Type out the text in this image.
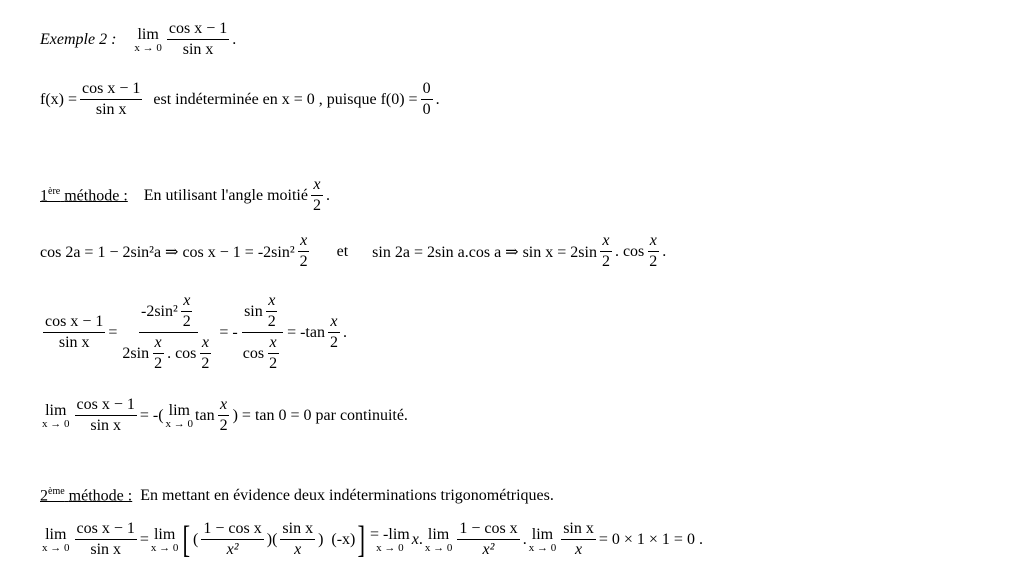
Exemple 2 : lim
$x \to 0 \frac{\text{cos x − 1}}{\text{sin x}}$ .
$f(x) = \frac{\text{cos x − 1}}{\text{sin x}}$ est indéterminée en x = 0 , puisque $f(0) = \frac{0}{0}$ .
1ère méthode : En utilisant l'angle moitié $\frac{x}{2}$ .
cos 2a = 1 − 2sin²a ⇒ $\cos x - 1 = -2\sin^2 \frac{x}{2}$ et sin 2a = 2sin a.cos a ⇒ $\sin x = 2\sin \frac{x}{2}$ . $\cos \frac{x}{2}$ .
$\frac{\text{cos x − 1}}{\text{sin x}} = \frac{-2\sin^2 \frac{x}{2}}{2\sin \frac{x}{2} . \cos \frac{x}{2}}$ = - $\frac{\sin \frac{x}{2}}{\cos \frac{x}{2}} = -\tan \frac{x}{2}$ .
lim
$x \to 0 \frac{\text{cos x − 1}}{\text{sin x}}$ = -( lim
x → 0 $\tan \frac{x}{2}$ ) = tan 0 = 0 par continuité.
2ème méthode : En mettant en évidence deux indéterminations trigonométriques.
lim
$x \to 0 \frac{\text{cos x − 1}}{\text{sin x}} = \lim$
x → 0 [ ( $\frac{\text{1 − cos x}}{\text{x²}}$ )( $\frac{\text{sin x}}{x}$ ) (-x) ] = -lim
x → 0 x . lim
$x \to 0 \frac{\text{1 − cos x}}{\text{x²}}$ . lim
$x \to 0 \frac{\text{sin x}}{x} = 0 \times 1 \times 1 = 0$ .
